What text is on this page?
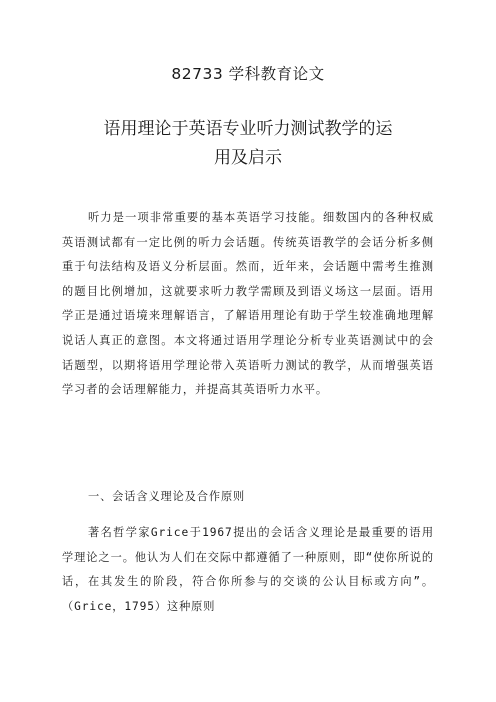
82733 学科教育论文
语用理论于英语专业听力测试教学的运
用及启示
听力是一项非常重要的基本英语学习技能。细数国内的各种权威英语测试都有一定比例的听力会话题。传统英语教学的会话分析多侧重于句法结构及语义分析层面。然而，近年来，会话题中需考生推测的题目比例增加，这就要求听力教学需顾及到语义场这一层面。语用学正是通过语境来理解语言，了解语用理论有助于学生较准确地理解说话人真正的意图。本文将通过语用学理论分析专业英语测试中的会话题型，以期将语用学理论带入英语听力测试的教学，从而增强英语学习者的会话理解能力，并提高其英语听力水平。
一、会话含义理论及合作原则
著名哲学家Grice于1967提出的会话含义理论是最重要的语用学理论之一。他认为人们在交际中都遵循了一种原则，即“使你所说的话，在其发生的阶段，符合你所参与的交谈的公认目标或方向”。（Grice，1795）这种原则
